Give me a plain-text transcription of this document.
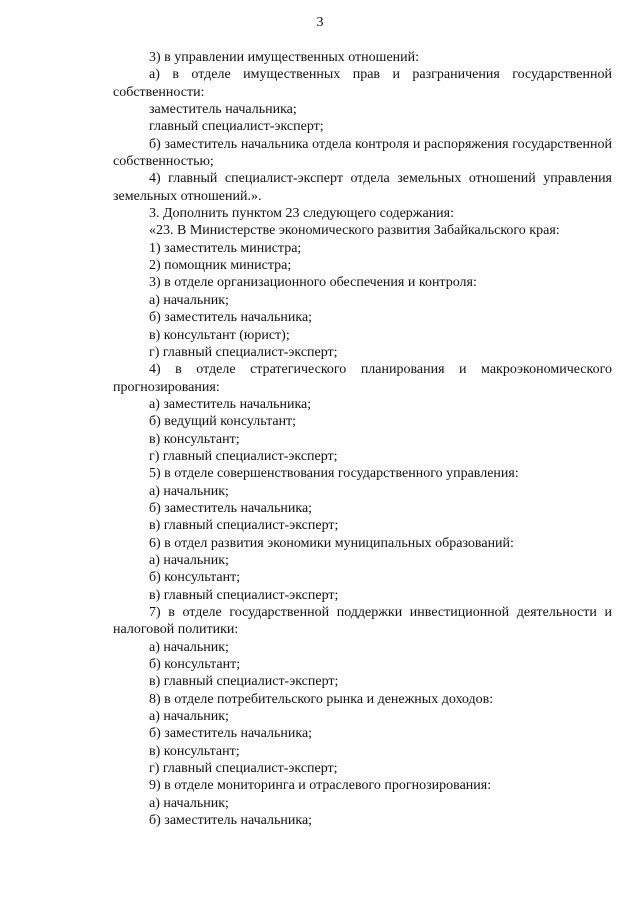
3

3) в управлении имущественных отношений:

а) в отделе имущественных прав и разграничения государственной собственности:

заместитель начальника;

главный специалист-эксперт;

б) заместитель начальника отдела контроля и распоряжения государственной собственностью;

4) главный специалист-эксперт отдела земельных отношений управления земельных отношений.».

3. Дополнить пунктом 23 следующего содержания:

«23. В Министерстве экономического развития Забайкальского края:

1) заместитель министра;

2) помощник министра;

3) в отделе организационного обеспечения и контроля:

а) начальник;

б) заместитель начальника;

в) консультант (юрист);

г) главный специалист-эксперт;

4) в отделе стратегического планирования и макроэкономического прогнозирования:

а) заместитель начальника;

б) ведущий консультант;

в) консультант;

г) главный специалист-эксперт;

5) в отделе совершенствования государственного управления:

а) начальник;

б) заместитель начальника;

в) главный специалист-эксперт;

6) в отдел развития экономики муниципальных образований:

а) начальник;

б) консультант;

в) главный специалист-эксперт;

7) в отделе государственной поддержки инвестиционной деятельности и налоговой политики:

а) начальник;

б) консультант;

в) главный специалист-эксперт;

8) в отделе потребительского рынка и денежных доходов:

а) начальник;

б) заместитель начальника;

в) консультант;

г) главный специалист-эксперт;

9) в отделе мониторинга и отраслевого прогнозирования:

а) начальник;

б) заместитель начальника;
